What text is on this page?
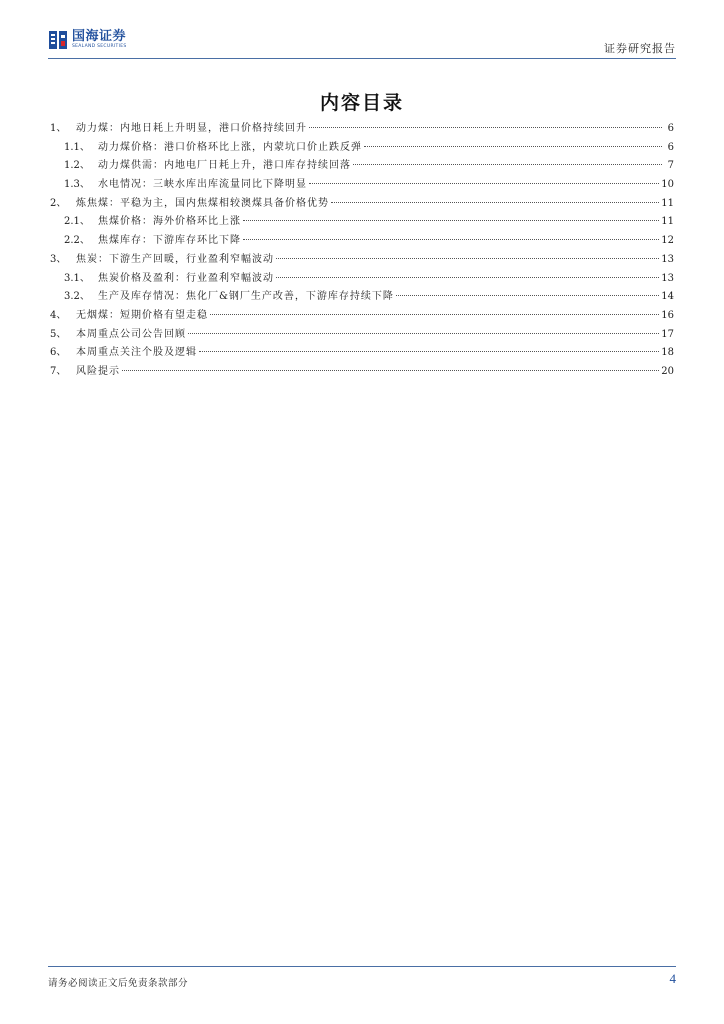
国海证券
SEALAND SECURITIES	证券研究报告
内容目录
1、 动力煤：内地日耗上升明显，港口价格持续回升	6
1.1、 动力煤价格：港口价格环比上涨，内蒙坑口价止跌反弹	6
1.2、 动力煤供需：内地电厂日耗上升，港口库存持续回落	7
1.3、 水电情况：三峡水库出库流量同比下降明显	10
2、 炼焦煤：平稳为主，国内焦煤相较澳煤具备价格优势	11
2.1、 焦煤价格：海外价格环比上涨	11
2.2、 焦煤库存：下游库存环比下降	12
3、 焦炭：下游生产回暖，行业盈利窄幅波动	13
3.1、 焦炭价格及盈利：行业盈利窄幅波动	13
3.2、 生产及库存情况：焦化厂&钢厂生产改善，下游库存持续下降	14
4、 无烟煤：短期价格有望走稳	16
5、 本周重点公司公告回顾	17
6、 本周重点关注个股及逻辑	18
7、 风险提示	20
请务必阅读正文后免责条款部分	4
